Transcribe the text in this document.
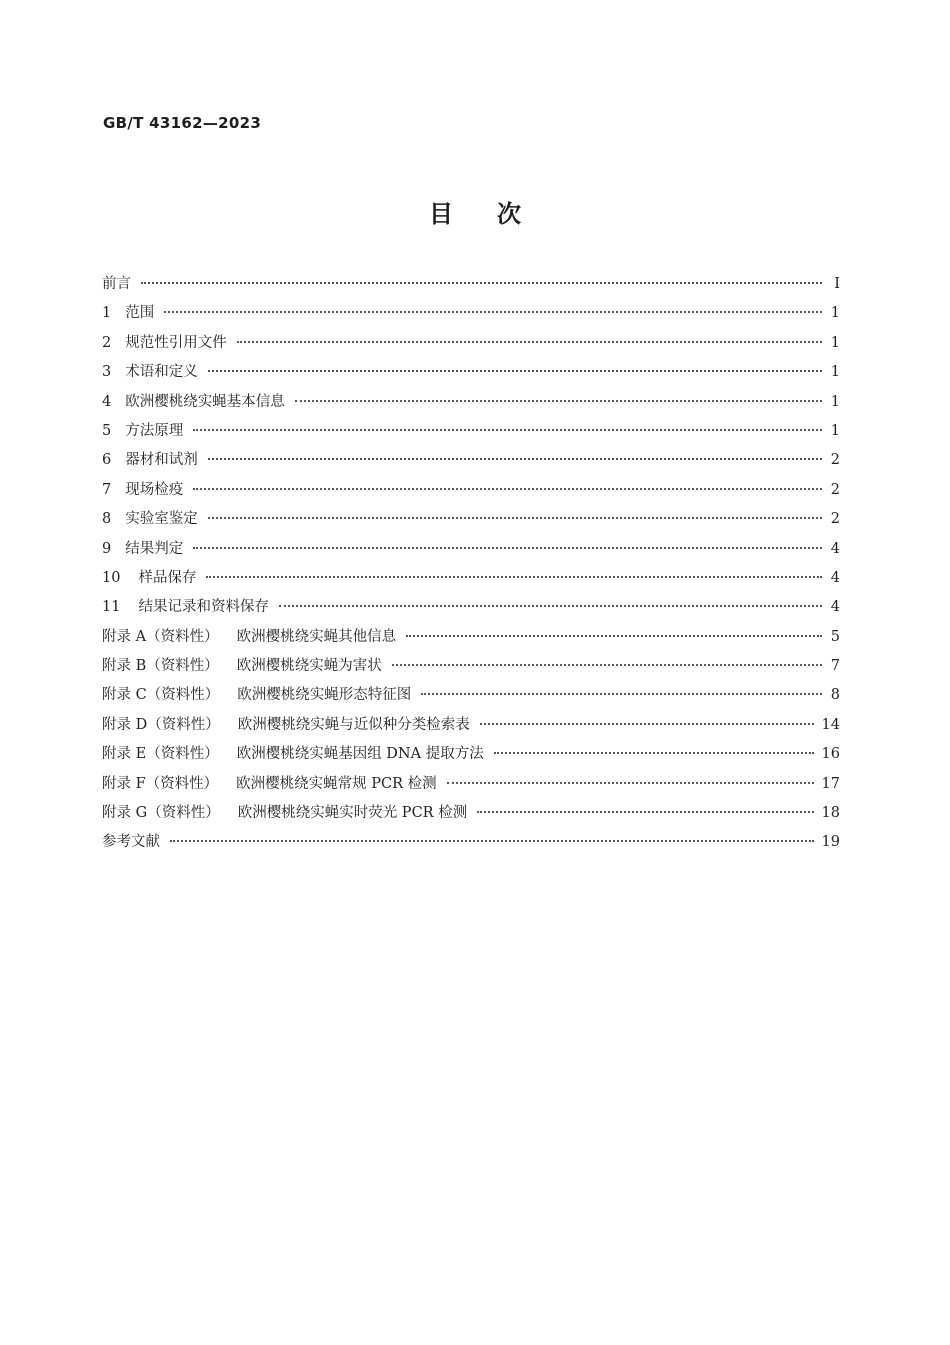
GB/T 43162—2023
目次
前言	Ⅰ
1 范围	1
2 规范性引用文件	1
3 术语和定义	1
4 欧洲樱桃绕实蝇基本信息	1
5 方法原理	1
6 器材和试剂	2
7 现场检疫	2
8 实验室鉴定	2
9 结果判定	4
10 样品保存	4
11 结果记录和资料保存	4
附录 A（资料性） 欧洲樱桃绕实蝇其他信息	5
附录 B（资料性） 欧洲樱桃绕实蝇为害状	7
附录 C（资料性） 欧洲樱桃绕实蝇形态特征图	8
附录 D（资料性） 欧洲樱桃绕实蝇与近似种分类检索表	14
附录 E（资料性） 欧洲樱桃绕实蝇基因组 DNA 提取方法	16
附录 F（资料性） 欧洲樱桃绕实蝇常规 PCR 检测	17
附录 G（资料性） 欧洲樱桃绕实蝇实时荧光 PCR 检测	18
参考文献	19
